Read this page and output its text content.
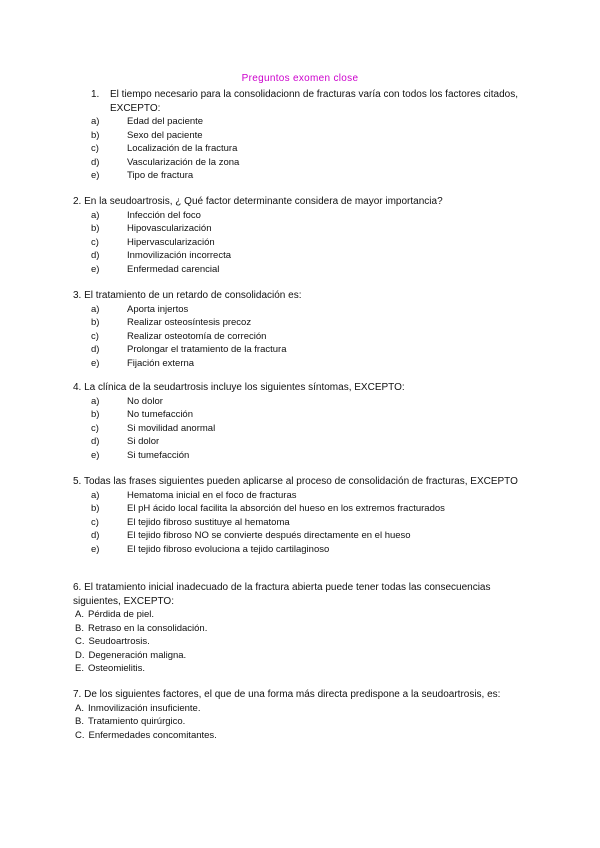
Preguntos exomen close
1.	El tiempo necesario para la consolidacionn de fracturas varía con todos los factores citados, EXCEPTO:

a)	Edad del paciente
b)	Sexo del paciente
c)	Localización de la fractura
d)	Vascularización de la zona
e)	Tipo de fractura

2. En la seudoartrosis, ¿ Qué factor determinante considera de mayor importancia?

a)	Infección del foco
b)	Hipovascularización
c)	Hipervascularización
d)	Inmovilización incorrecta
e)	Enfermedad carencial

3. El tratamiento de un retardo de consolidación es:

a)	Aporta injertos
b)	Realizar osteosíntesis precoz
c)	Realizar osteotomía de correción
d)	Prolongar el tratamiento de la fractura
e)	Fijación externa

4. La clínica de la seudartrosis incluye los siguientes síntomas, EXCEPTO:

a)	No dolor
b)	No tumefacción
c)	Si movilidad anormal
d)	Si dolor
e)	Si tumefacción

5. Todas las frases siguientes pueden aplicarse al proceso de consolidación de fracturas, EXCEPTO

a)	Hematoma inicial en el foco de fracturas
b)	El pH ácido local facilita la absorción del hueso en los extremos fracturados
c)	El tejido fibroso sustituye al hematoma
d)	El tejido fibroso NO se convierte después directamente en el hueso
e)	El tejido fibroso evoluciona a tejido cartilaginoso

6. El tratamiento inicial inadecuado de la fractura abierta puede tener todas las consecuencias siguientes, EXCEPTO:

A. Pérdida de piel.
B. Retraso en la consolidación.
C. Seudoartrosis.
D. Degeneración maligna.
E. Osteomielitis.

7. De los siguientes factores, el que de una forma más directa predispone a la seudoartrosis, es:

A. Inmovilización insuficiente.
B. Tratamiento quirúrgico.
C. Enfermedades concomitantes.
